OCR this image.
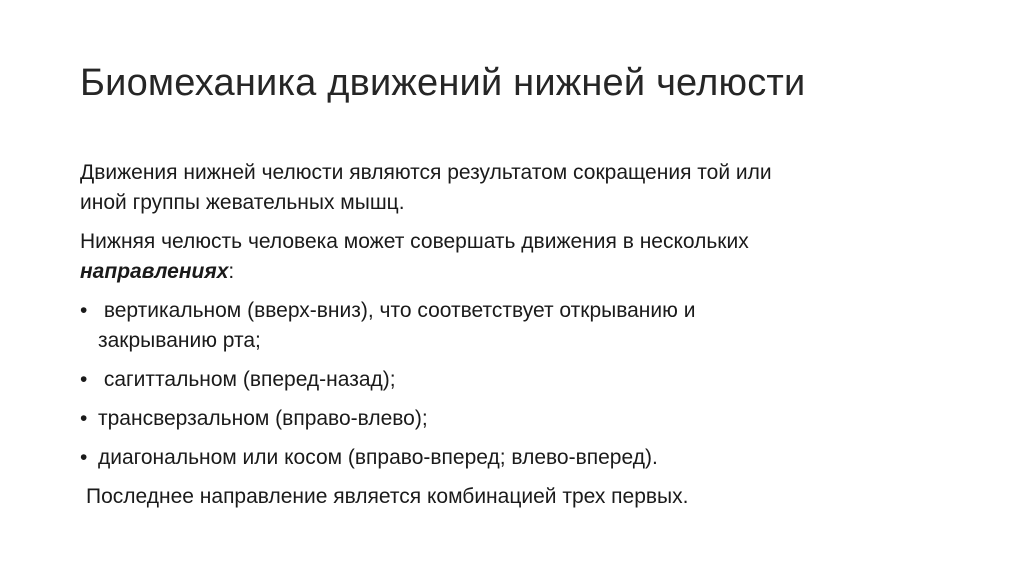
Биомеханика движений нижней челюсти

Движения нижней челюсти являются результатом сокращения той или
иной группы жевательных мышц.

Нижняя челюсть человека может совершать движения в нескольких
направлениях:

• вертикальном (вверх-вниз), что соответствует открыванию и
закрыванию рта;
• сагиттальном (вперед-назад);
• трансверзальном (вправо-влево);
• диагональном или косом (вправо-вперед; влево-вперед).

Последнее направление является комбинацией трех первых.
